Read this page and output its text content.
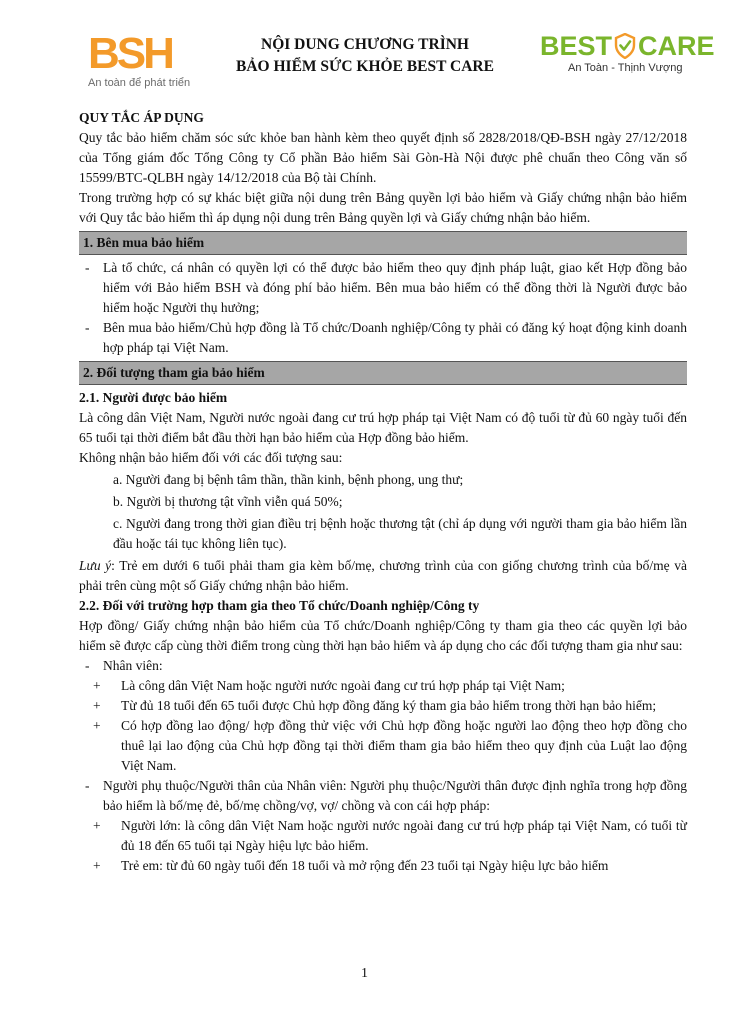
BSH
An toàn để phát triển
NỘI DUNG CHƯƠNG TRÌNH
BẢO HIỂM SỨC KHỎE BEST CARE
BEST CARE
An Toàn - Thịnh Vượng

QUY TẮC ÁP DỤNG

Quy tắc bảo hiểm chăm sóc sức khỏe ban hành kèm theo quyết định số 2828/2018/QĐ-BSH ngày 27/12/2018 của Tổng giám đốc Tổng Công ty Cổ phần Bảo hiểm Sài Gòn-Hà Nội được phê chuẩn theo Công văn số 15599/BTC-QLBH ngày 14/12/2018 của Bộ tài Chính.

Trong trường hợp có sự khác biệt giữa nội dung trên Bảng quyền lợi bảo hiểm và Giấy chứng nhận bảo hiểm với Quy tắc bảo hiểm thì áp dụng nội dung trên Bảng quyền lợi và Giấy chứng nhận bảo hiểm.

1. Bên mua bảo hiểm
- Là tổ chức, cá nhân có quyền lợi có thể được bảo hiểm theo quy định pháp luật, giao kết Hợp đồng bảo hiểm với Bảo hiểm BSH và đóng phí bảo hiểm. Bên mua bảo hiểm có thể đồng thời là Người được bảo hiểm hoặc Người thụ hưởng;
- Bên mua bảo hiểm/Chủ hợp đồng là Tổ chức/Doanh nghiệp/Công ty phải có đăng ký hoạt động kinh doanh hợp pháp tại Việt Nam.
2. Đối tượng tham gia bảo hiểm

2.1. Người được bảo hiểm

Là công dân Việt Nam, Người nước ngoài đang cư trú hợp pháp tại Việt Nam có độ tuổi từ đủ 60 ngày tuổi đến 65 tuổi tại thời điểm bắt đầu thời hạn bảo hiểm của Hợp đồng bảo hiểm.

Không nhận bảo hiểm đối với các đối tượng sau:

a. Người đang bị bệnh tâm thần, thần kinh, bệnh phong, ung thư;
b. Người bị thương tật vĩnh viễn quá 50%;
c. Người đang trong thời gian điều trị bệnh hoặc thương tật (chỉ áp dụng với người tham gia bảo hiểm lần đầu hoặc tái tục không liên tục).

Lưu ý: Trẻ em dưới 6 tuổi phải tham gia kèm bố/mẹ, chương trình của con giống chương trình của bố/mẹ và phải trên cùng một số Giấy chứng nhận bảo hiểm.

2.2. Đối với trường hợp tham gia theo Tổ chức/Doanh nghiệp/Công ty

Hợp đồng/ Giấy chứng nhận bảo hiểm của Tổ chức/Doanh nghiệp/Công ty tham gia theo các quyền lợi bảo hiểm sẽ được cấp cùng thời điểm trong cùng thời hạn bảo hiểm và áp dụng cho các đối tượng tham gia như sau:

- Nhân viên:
+ Là công dân Việt Nam hoặc người nước ngoài đang cư trú hợp pháp tại Việt Nam;
+ Từ đủ 18 tuổi đến 65 tuổi được Chủ hợp đồng đăng ký tham gia bảo hiểm trong thời hạn bảo hiểm;
+ Có hợp đồng lao động/ hợp đồng thử việc với Chủ hợp đồng hoặc người lao động theo hợp đồng cho thuê lại lao động của Chủ hợp đồng tại thời điểm tham gia bảo hiểm theo quy định của Luật lao động Việt Nam.
- Người phụ thuộc/Người thân của Nhân viên: Người phụ thuộc/Người thân được định nghĩa trong hợp đồng bảo hiểm là bố/mẹ đẻ, bố/mẹ chồng/vợ, vợ/ chồng và con cái hợp pháp:
+ Người lớn: là công dân Việt Nam hoặc người nước ngoài đang cư trú hợp pháp tại Việt Nam, có tuổi từ đủ 18 đến 65 tuổi tại Ngày hiệu lực bảo hiểm.
+ Trẻ em: từ đủ 60 ngày tuổi đến 18 tuổi và mở rộng đến 23 tuổi tại Ngày hiệu lực bảo hiểm
1
